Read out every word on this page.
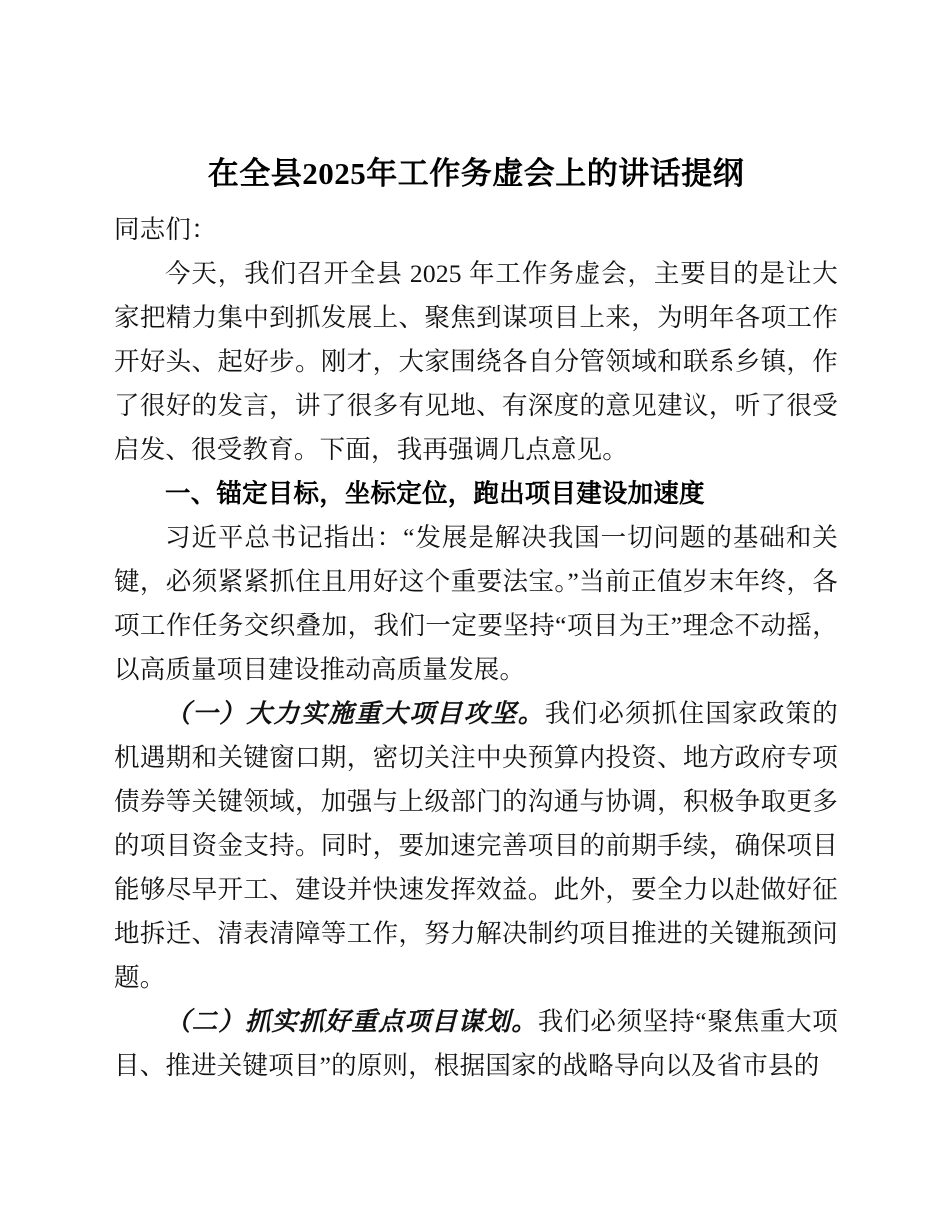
在全县2025年工作务虚会上的讲话提纲

同志们：

今天，我们召开全县 2025 年工作务虚会，主要目的是让大家把精力集中到抓发展上、聚焦到谋项目上来，为明年各项工作开好头、起好步。刚才，大家围绕各自分管领域和联系乡镇，作了很好的发言，讲了很多有见地、有深度的意见建议，听了很受启发、很受教育。下面，我再强调几点意见。

一、锚定目标，坐标定位，跑出项目建设加速度

习近平总书记指出：“发展是解决我国一切问题的基础和关键，必须紧紧抓住且用好这个重要法宝。”当前正值岁末年终，各项工作任务交织叠加，我们一定要坚持“项目为王”理念不动摇，以高质量项目建设推动高质量发展。

（一）大力实施重大项目攻坚。我们必须抓住国家政策的机遇期和关键窗口期，密切关注中央预算内投资、地方政府专项债券等关键领域，加强与上级部门的沟通与协调，积极争取更多的项目资金支持。同时，要加速完善项目的前期手续，确保项目能够尽早开工、建设并快速发挥效益。此外，要全力以赴做好征地拆迁、清表清障等工作，努力解决制约项目推进的关键瓶颈问题。

（二）抓实抓好重点项目谋划。我们必须坚持“聚焦重大项目、推进关键项目”的原则，根据国家的战略导向以及省市县的
